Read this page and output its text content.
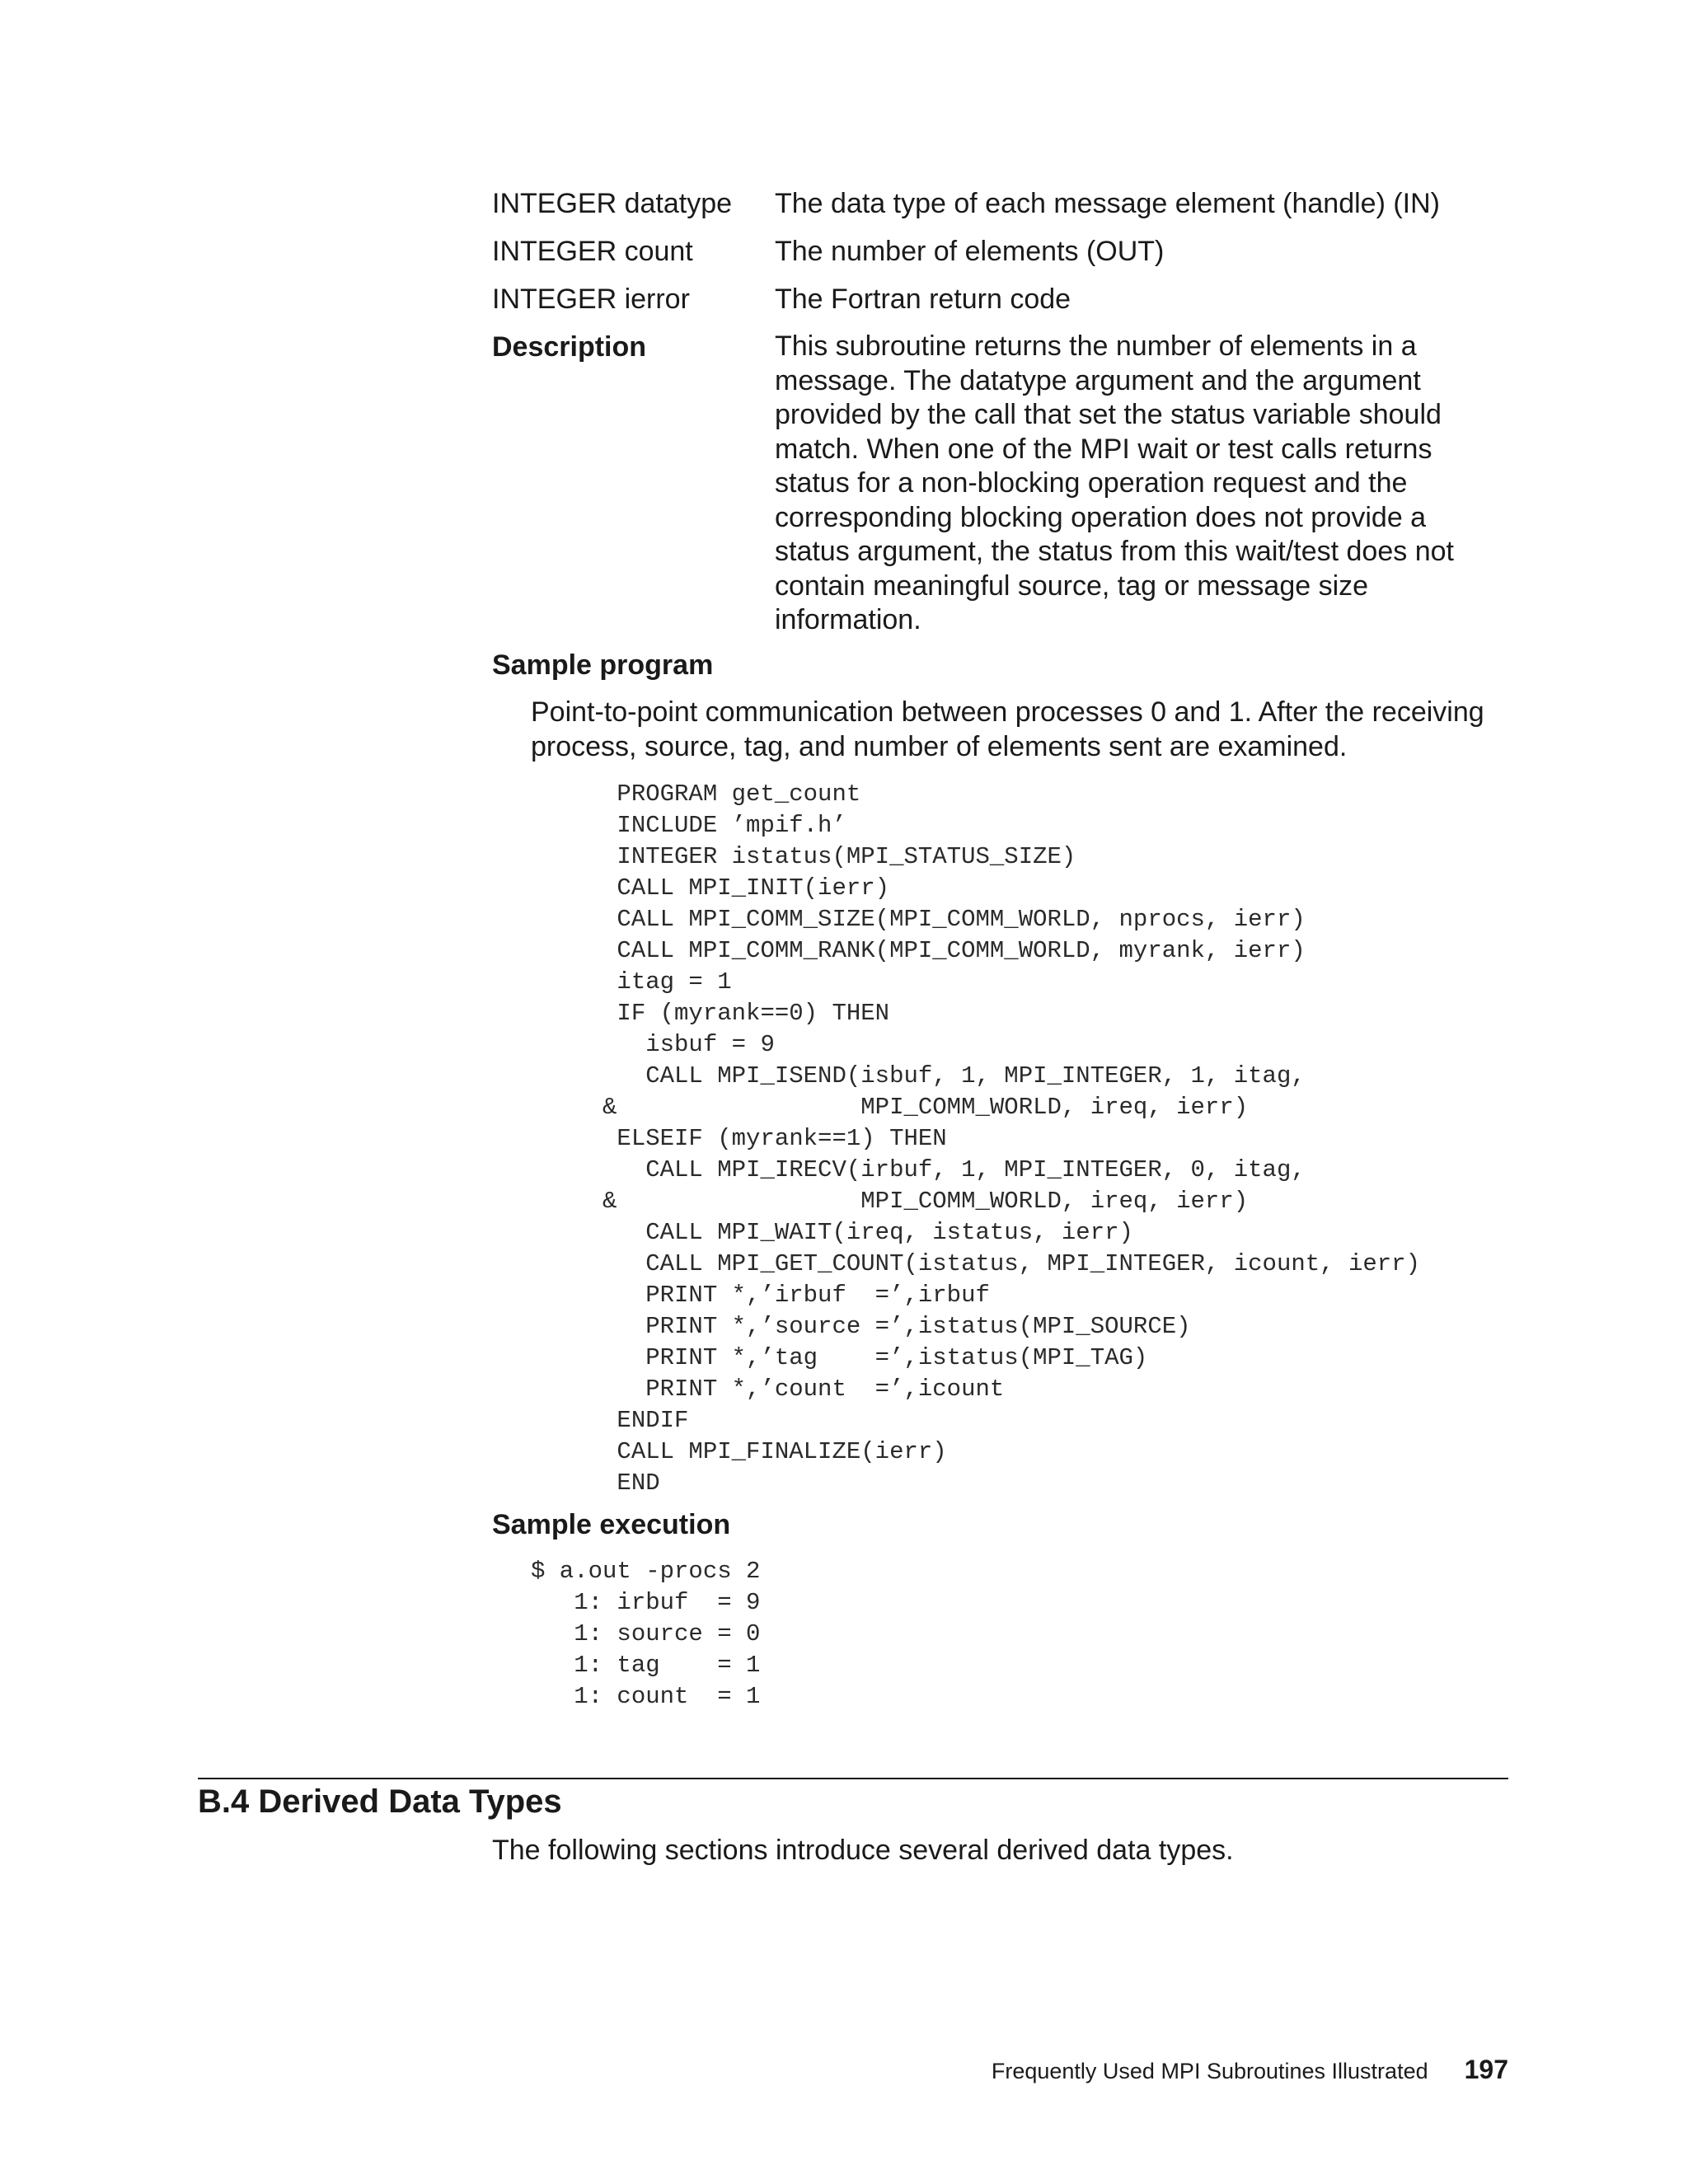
INTEGER datatype	The data type of each message element (handle) (IN)
INTEGER count	The number of elements (OUT)
INTEGER ierror	The Fortran return code
Description	This subroutine returns the number of elements in a
message. The datatype argument and the argument
provided by the call that set the status variable should
match. When one of the MPI wait or test calls returns
status for a non-blocking operation request and the
corresponding blocking operation does not provide a
status argument, the status from this wait/test does not
contain meaningful source, tag or message size
information.
Sample program
Point-to-point communication between processes 0 and 1. After the receiving
process, source, tag, and number of elements sent are examined.
PROGRAM get_count
INCLUDE ’mpif.h’
INTEGER istatus(MPI_STATUS_SIZE)
CALL MPI_INIT(ierr)
CALL MPI_COMM_SIZE(MPI_COMM_WORLD, nprocs, ierr)
CALL MPI_COMM_RANK(MPI_COMM_WORLD, myrank, ierr)
itag = 1
IF (myrank==0) THEN
isbuf = 9
CALL MPI_ISEND(isbuf, 1, MPI_INTEGER, 1, itag,
&                 MPI_COMM_WORLD, ireq, ierr)
ELSEIF (myrank==1) THEN
CALL MPI_IRECV(irbuf, 1, MPI_INTEGER, 0, itag,
&                 MPI_COMM_WORLD, ireq, ierr)
CALL MPI_WAIT(ireq, istatus, ierr)
CALL MPI_GET_COUNT(istatus, MPI_INTEGER, icount, ierr)
PRINT *,’irbuf  =’,irbuf
PRINT *,’source =’,istatus(MPI_SOURCE)
PRINT *,’tag    =’,istatus(MPI_TAG)
PRINT *,’count  =’,icount
ENDIF
CALL MPI_FINALIZE(ierr)
END
Sample execution
$ a.out -procs 2
1: irbuf  = 9
1: source = 0
1: tag    = 1
1: count  = 1
B.4 Derived Data Types
The following sections introduce several derived data types.
Frequently Used MPI Subroutines Illustrated 197
